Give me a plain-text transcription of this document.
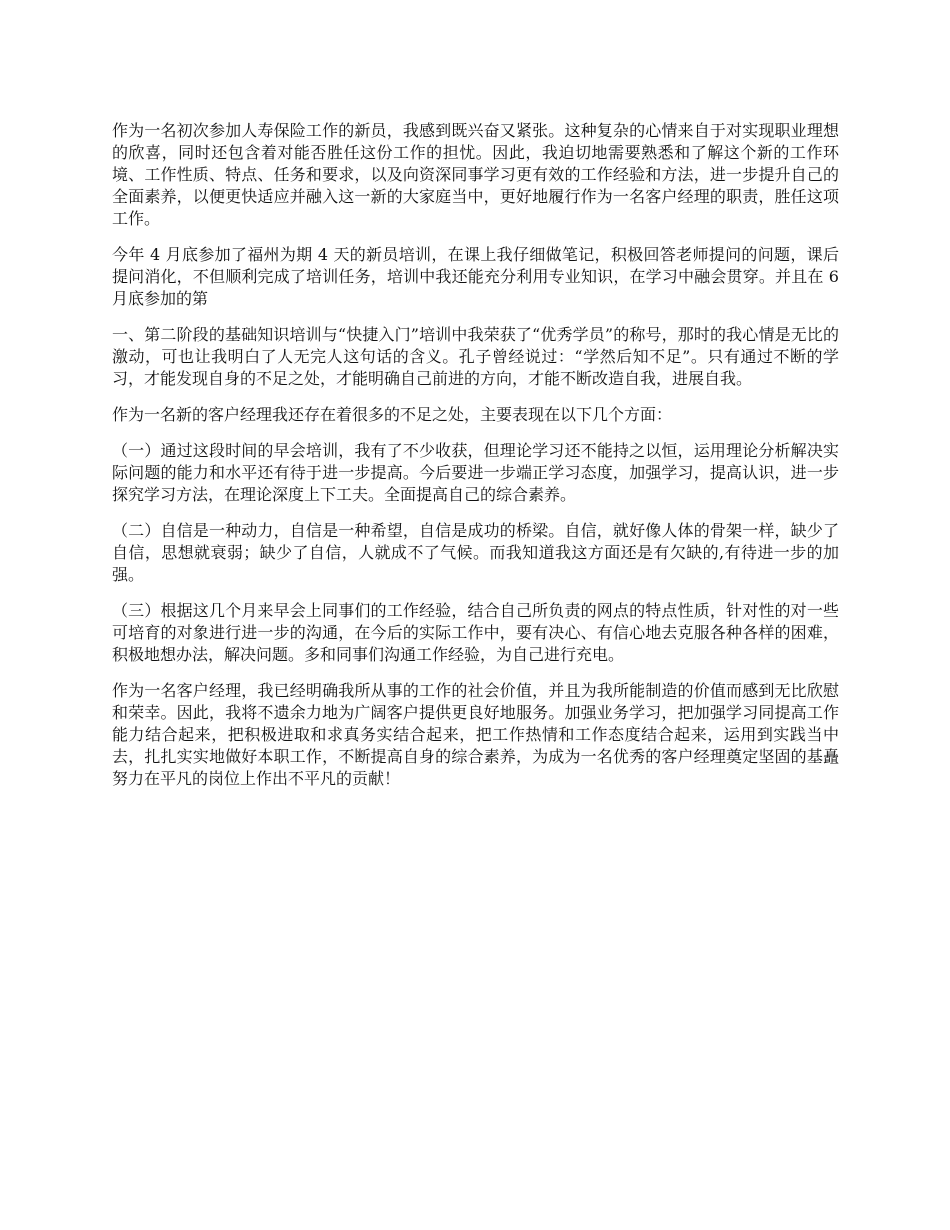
作为一名初次参加人寿保险工作的新员，我感到既兴奋又紧张。这种复杂的心情来自于对实现职业理想的欣喜，同时还包含着对能否胜任这份工作的担忧。因此，我迫切地需要熟悉和了解这个新的工作环境、工作性质、特点、任务和要求，以及向资深同事学习更有效的工作经验和方法，进一步提升自己的全面素养，以便更快适应并融入这一新的大家庭当中，更好地履行作为一名客户经理的职责，胜任这项工作。

今年 4 月底参加了福州为期 4 天的新员培训，在课上我仔细做笔记，积极回答老师提问的问题，课后提问消化，不但顺利完成了培训任务，培训中我还能充分利用专业知识，在学习中融会贯穿。并且在 6 月底参加的第

一、第二阶段的基础知识培训与“快捷入门”培训中我荣获了“优秀学员”的称号，那时的我心情是无比的激动，可也让我明白了人无完人这句话的含义。孔子曾经说过：“学然后知不足”。只有通过不断的学习，才能发现自身的不足之处，才能明确自己前进的方向，才能不断改造自我，进展自我。

作为一名新的客户经理我还存在着很多的不足之处，主要表现在以下几个方面：

（一）通过这段时间的早会培训，我有了不少收获，但理论学习还不能持之以恒，运用理论分析解决实际问题的能力和水平还有待于进一步提高。今后要进一步端正学习态度，加强学习，提高认识，进一步探究学习方法，在理论深度上下工夫。全面提高自己的综合素养。

（二）自信是一种动力，自信是一种希望，自信是成功的桥梁。自信，就好像人体的骨架一样，缺少了自信，思想就衰弱；缺少了自信，人就成不了气候。而我知道我这方面还是有欠缺的,有待进一步的加强。

（三）根据这几个月来早会上同事们的工作经验，结合自己所负责的网点的特点性质，针对性的对一些可培育的对象进行进一步的沟通，在今后的实际工作中，要有决心、有信心地去克服各种各样的困难，积极地想办法，解决问题。多和同事们沟通工作经验，为自己进行充电。

作为一名客户经理，我已经明确我所从事的工作的社会价值，并且为我所能制造的价值而感到无比欣慰和荣幸。因此，我将不遗余力地为广阔客户提供更良好地服务。加强业务学习，把加强学习同提高工作能力结合起来，把积极进取和求真务实结合起来，把工作热情和工作态度结合起来，运用到实践当中去，扎扎实实地做好本职工作，不断提高自身的综合素养，为成为一名优秀的客户经理奠定坚固的基矗努力在平凡的岗位上作出不平凡的贡献！
